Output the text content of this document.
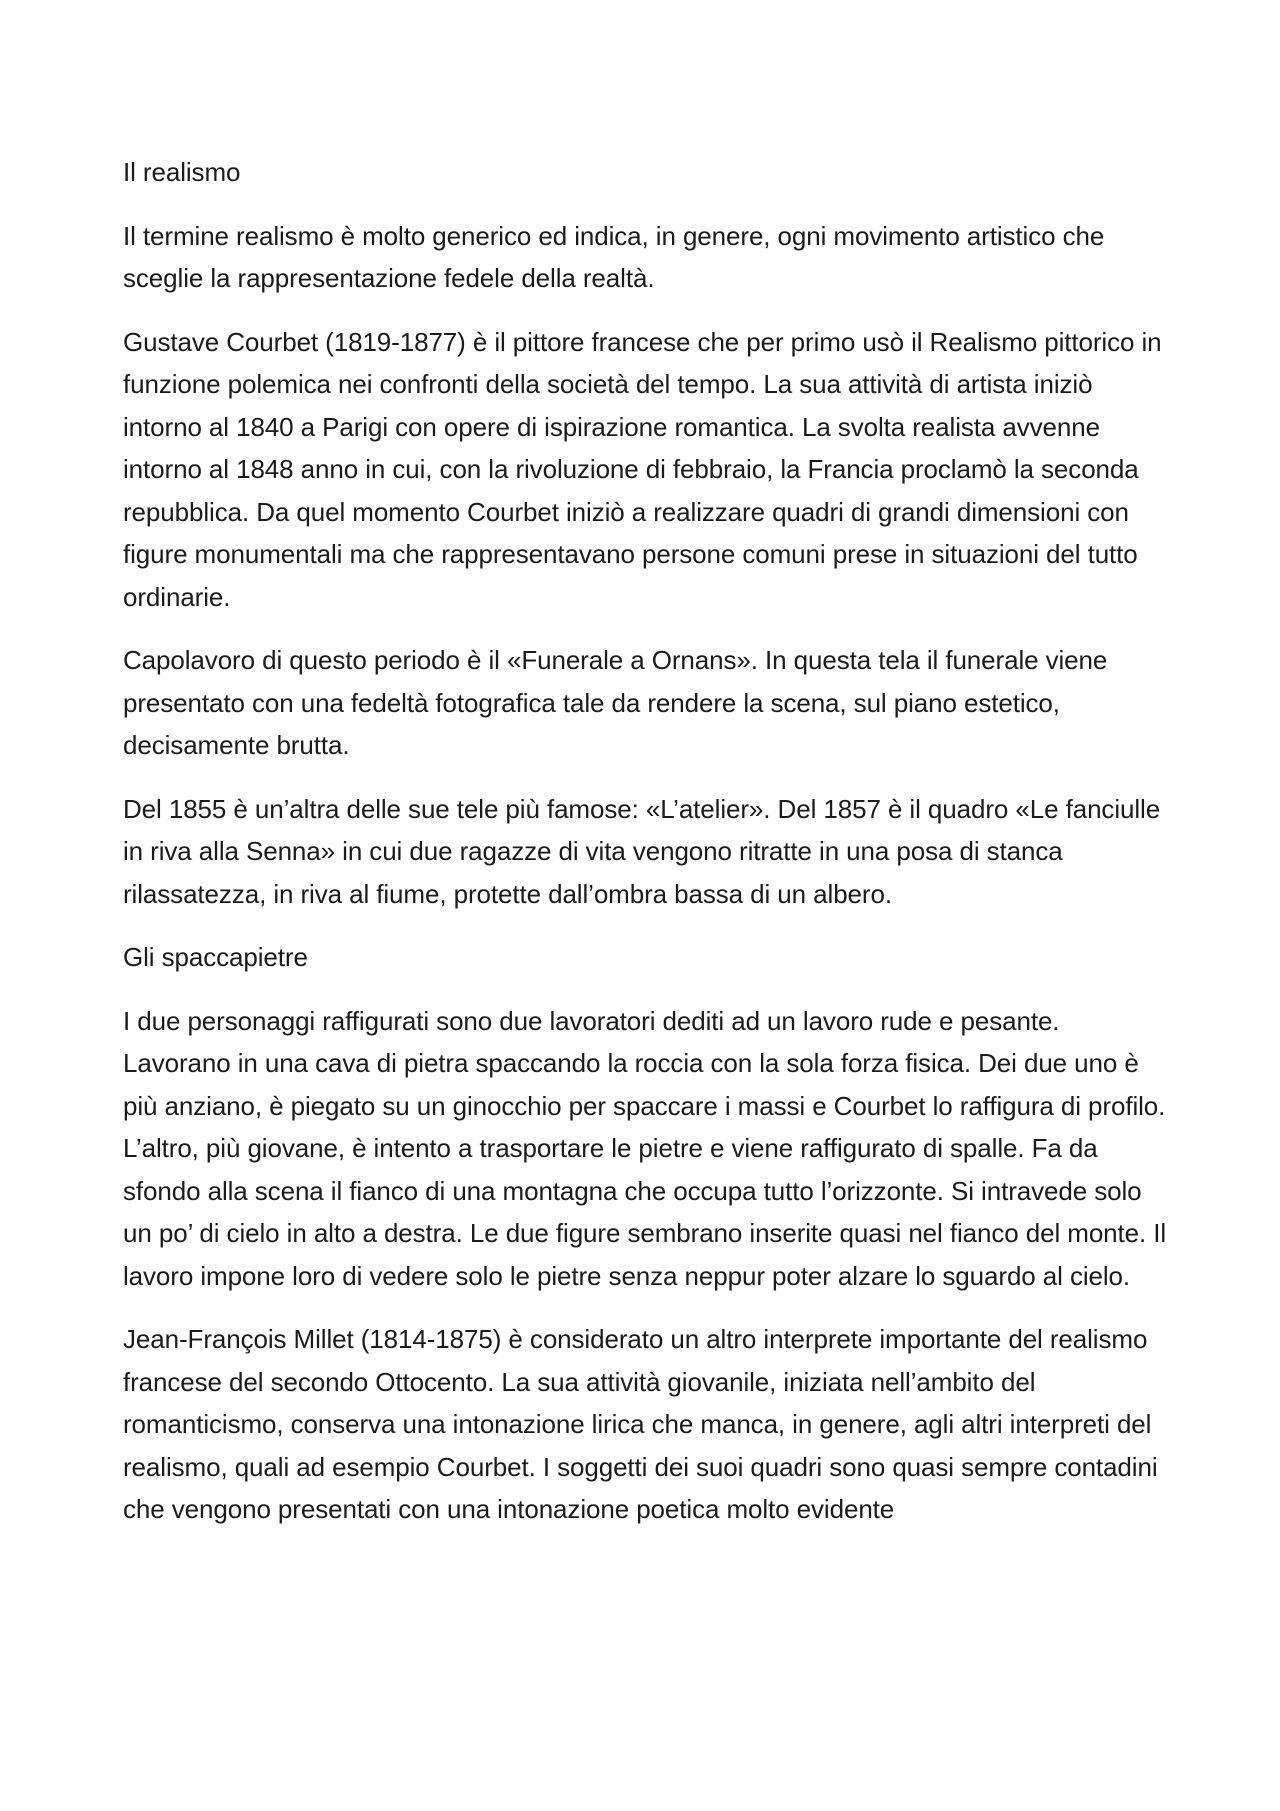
Il realismo

Il termine realismo è molto generico ed indica, in genere, ogni movimento artistico che sceglie la rappresentazione fedele della realtà.

Gustave Courbet (1819-1877) è il pittore francese che per primo usò il Realismo pittorico in funzione polemica nei confronti della società del tempo. La sua attività di artista iniziò intorno al 1840 a Parigi con opere di ispirazione romantica. La svolta realista avvenne intorno al 1848 anno in cui, con la rivoluzione di febbraio, la Francia proclamò la seconda repubblica. Da quel momento Courbet iniziò a realizzare quadri di grandi dimensioni con figure monumentali ma che rappresentavano persone comuni prese in situazioni del tutto ordinarie.

Capolavoro di questo periodo è il «Funerale a Ornans». In questa tela il funerale viene presentato con una fedeltà fotografica tale da rendere la scena, sul piano estetico, decisamente brutta.

Del 1855 è un’altra delle sue tele più famose: «L’atelier». Del 1857 è il quadro «Le fanciulle in riva alla Senna» in cui due ragazze di vita vengono ritratte in una posa di stanca rilassatezza, in riva al fiume, protette dall’ombra bassa di un albero.

Gli spaccapietre

I due personaggi raffigurati sono due lavoratori dediti ad un lavoro rude e pesante. Lavorano in una cava di pietra spaccando la roccia con la sola forza fisica. Dei due uno è più anziano, è piegato su un ginocchio per spaccare i massi e Courbet lo raffigura di profilo. L’altro, più giovane, è intento a trasportare le pietre e viene raffigurato di spalle. Fa da sfondo alla scena il fianco di una montagna che occupa tutto l’orizzonte. Si intravede solo un po’ di cielo in alto a destra. Le due figure sembrano inserite quasi nel fianco del monte. Il lavoro impone loro di vedere solo le pietre senza neppur poter alzare lo sguardo al cielo.

Jean-François Millet (1814-1875) è considerato un altro interprete importante del realismo francese del secondo Ottocento. La sua attività giovanile, iniziata nell’ambito del romanticismo, conserva una intonazione lirica che manca, in genere, agli altri interpreti del realismo, quali ad esempio Courbet. I soggetti dei suoi quadri sono quasi sempre contadini che vengono presentati con una intonazione poetica molto evidente
